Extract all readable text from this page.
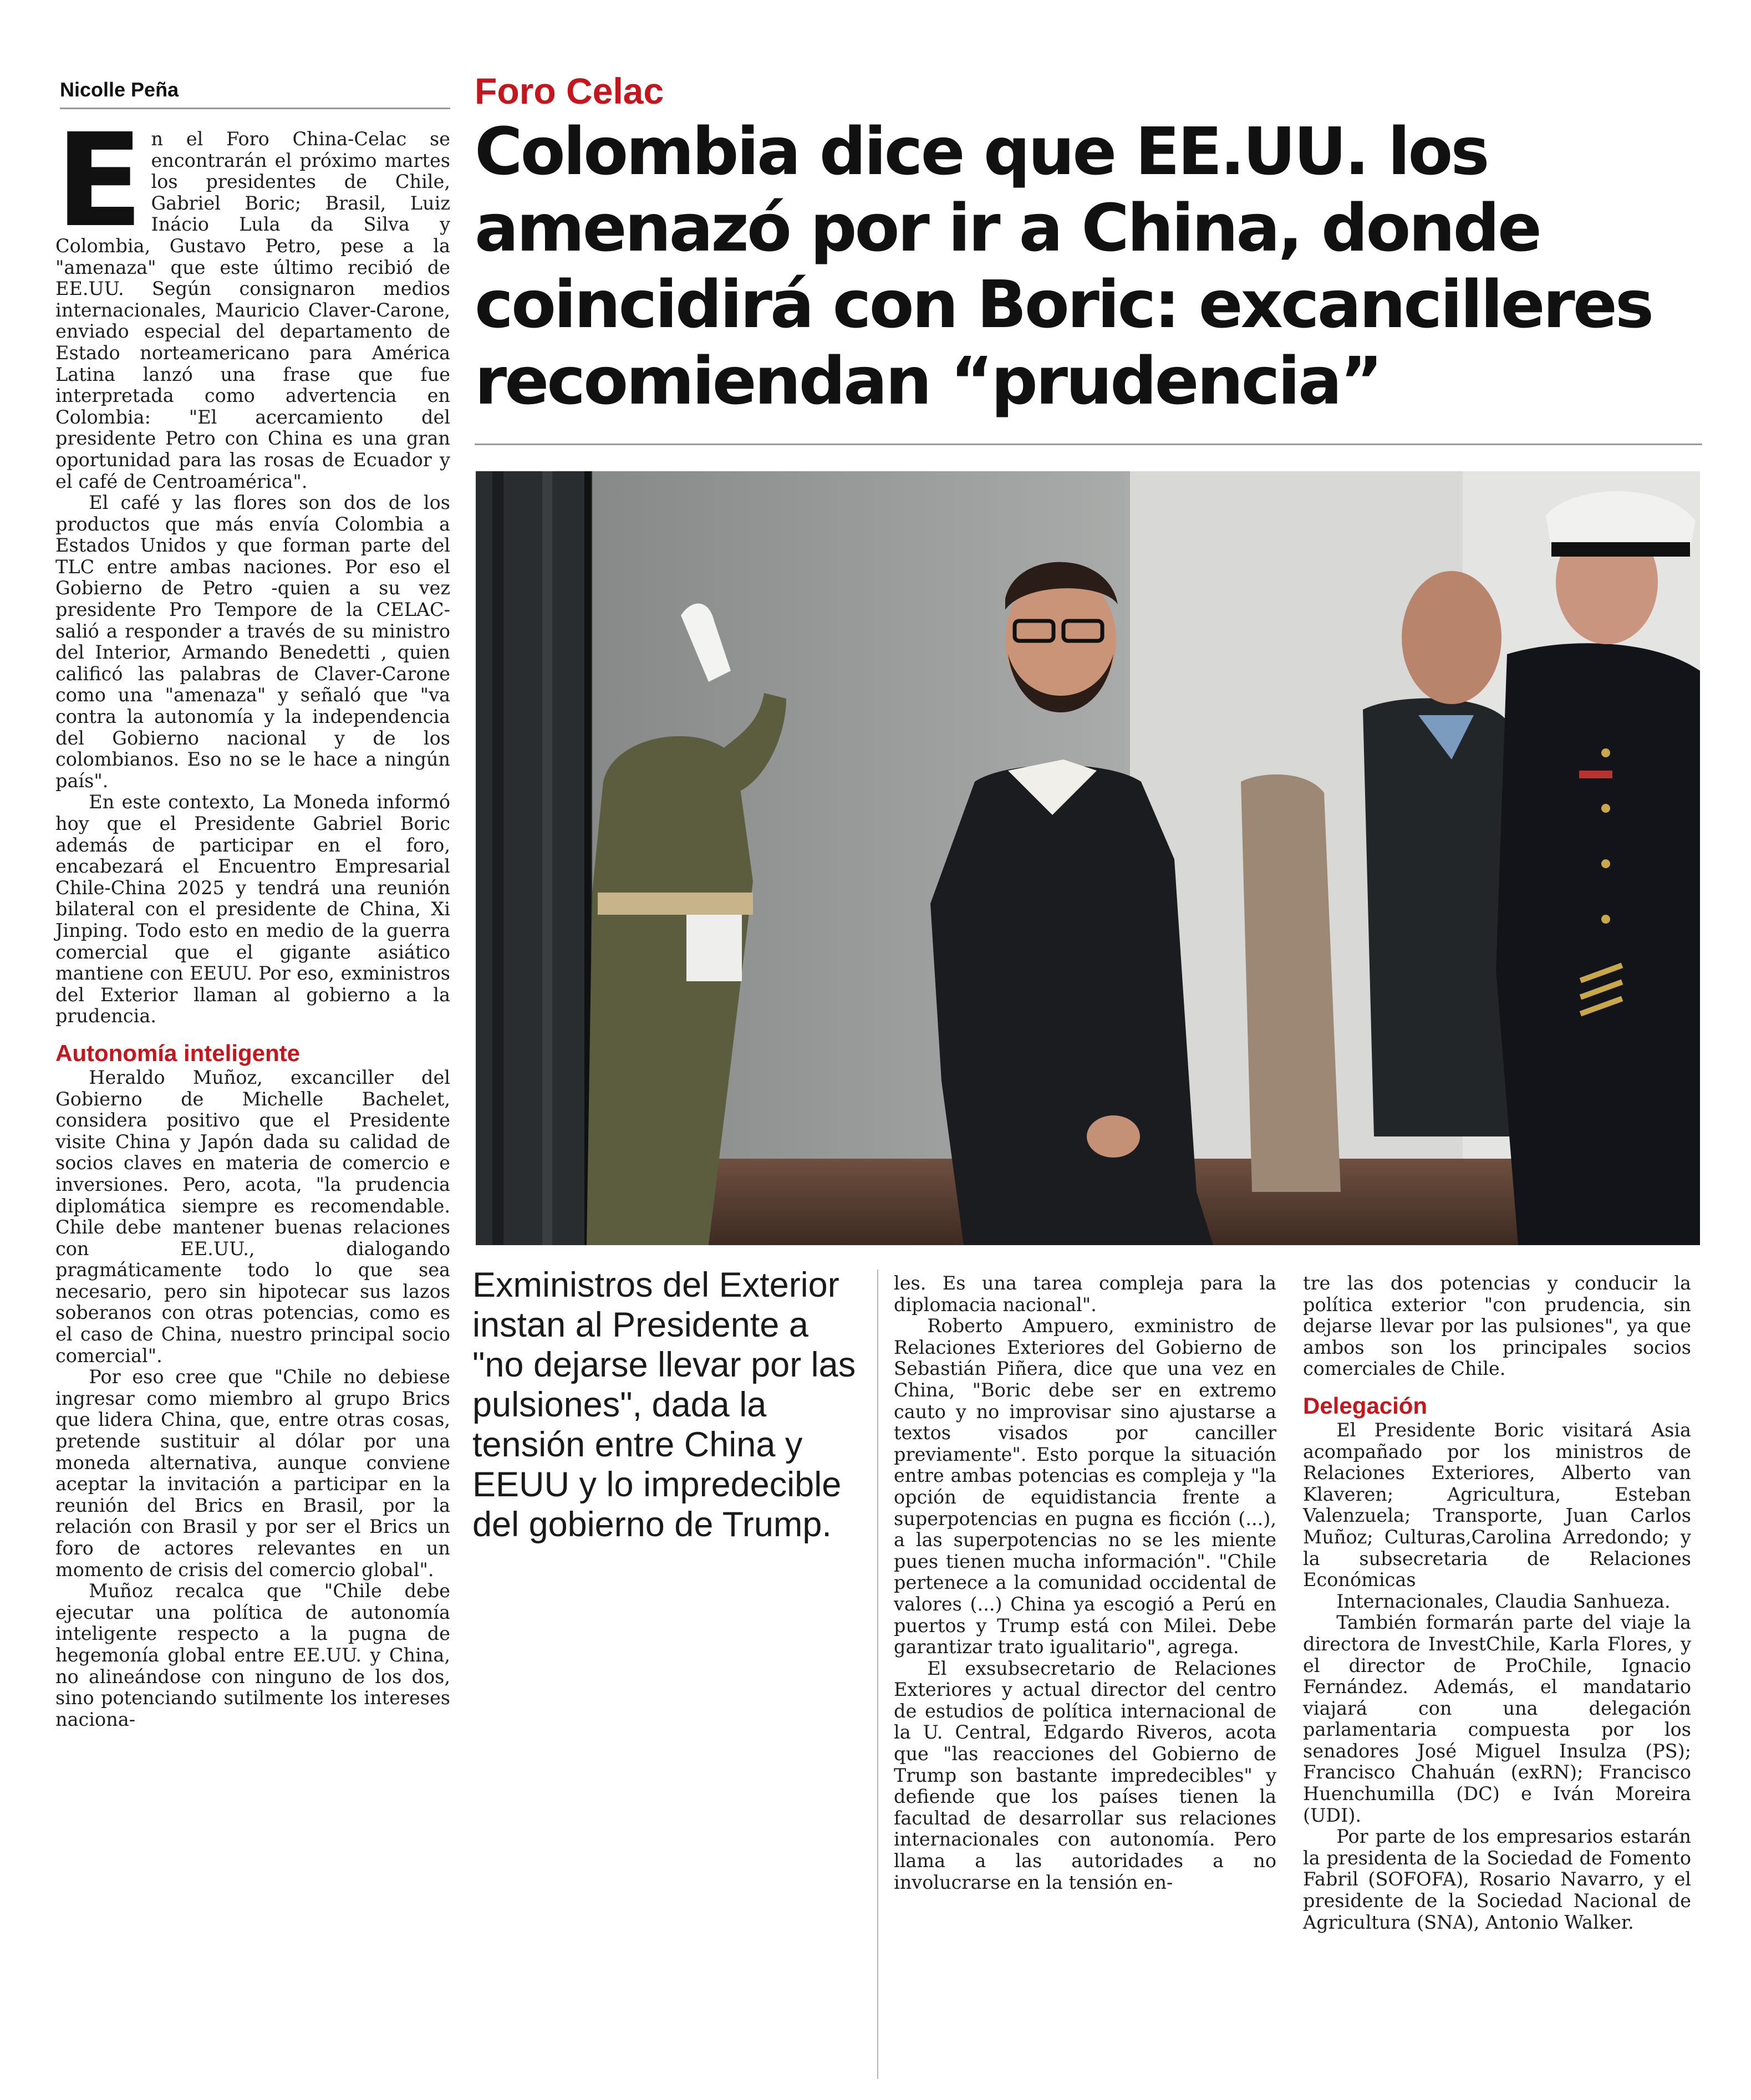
Nicolle Peña
E n el Foro China-Celac se encontrarán el próximo martes los presidentes de Chile, Gabriel Boric; Brasil, Luiz Inácio Lula da Silva y Colombia, Gustavo Petro, pese a la "amenaza" que este último recibió de EE.UU. Según consignaron medios internacionales, Mauricio Claver-Carone, enviado especial del departamento de Estado norteamericano para América Latina lanzó una frase que fue interpretada como advertencia en Colombia: "El acercamiento del presidente Petro con China es una gran oportunidad para las rosas de Ecuador y el café de Centroamérica".

El café y las flores son dos de los productos que más envía Colombia a Estados Unidos y que forman parte del TLC entre ambas naciones. Por eso el Gobierno de Petro -quien a su vez presidente Pro Tempore de la CELAC- salió a responder a través de su ministro del Interior, Armando Benedetti , quien calificó las palabras de Claver-Carone como una "amenaza" y señaló que "va contra la autonomía y la independencia del Gobierno nacional y de los colombianos. Eso no se le hace a ningún país".

En este contexto, La Moneda informó hoy que el Presidente Gabriel Boric además de participar en el foro, encabezará el Encuentro Empresarial Chile-China 2025 y tendrá una reunión bilateral con el presidente de China, Xi Jinping. Todo esto en medio de la guerra comercial que el gigante asiático mantiene con EEUU. Por eso, exministros del Exterior llaman al gobierno a la prudencia.

Autonomía inteligente

Heraldo Muñoz, excanciller del Gobierno de Michelle Bachelet, considera positivo que el Presidente visite China y Japón dada su calidad de socios claves en materia de comercio e inversiones. Pero, acota, "la prudencia diplomática siempre es recomendable. Chile debe mantener buenas relaciones con EE.UU., dialogando pragmáticamente todo lo que sea necesario, pero sin hipotecar sus lazos soberanos con otras potencias, como es el caso de China, nuestro principal socio comercial".

Por eso cree que "Chile no debiese ingresar como miembro al grupo Brics que lidera China, que, entre otras cosas, pretende sustituir al dólar por una moneda alternativa, aunque conviene aceptar la invitación a participar en la reunión del Brics en Brasil, por la relación con Brasil y por ser el Brics un foro de actores relevantes en un momento de crisis del comercio global".

Muñoz recalca que "Chile debe ejecutar una política de autonomía inteligente respecto a la pugna de hegemonía global entre EE.UU. y China, no alineándose con ninguno de los dos, sino potenciando sutilmente los intereses naciona-

Foro Celac
Colombia dice que EE.UU. los amenazó por ir a China, donde coincidirá con Boric: excancilleres recomiendan “prudencia”
Exministros del Exterior instan al Presidente a "no dejarse llevar por las pulsiones", dada la tensión entre China y EEUU y lo impredecible del gobierno de Trump.

les. Es una tarea compleja para la diplomacia nacional".

Roberto Ampuero, exministro de Relaciones Exteriores del Gobierno de Sebastián Piñera, dice que una vez en China, "Boric debe ser en extremo cauto y no improvisar sino ajustarse a textos visados por canciller previamente". Esto porque la situación entre ambas potencias es compleja y "la opción de equidistancia frente a superpotencias en pugna es ficción (...), a las superpotencias no se les miente pues tienen mucha información". "Chile pertenece a la comunidad occidental de valores (...) China ya escogió a Perú en puertos y Trump está con Milei. Debe garantizar trato igualitario", agrega.

El exsubsecretario de Relaciones Exteriores y actual director del centro de estudios de política internacional de la U. Central, Edgardo Riveros, acota que "las reacciones del Gobierno de Trump son bastante impredecibles" y defiende que los países tienen la facultad de desarrollar sus relaciones internacionales con autonomía. Pero llama a las autoridades a no involucrarse en la tensión en-

tre las dos potencias y conducir la política exterior "con prudencia, sin dejarse llevar por las pulsiones", ya que ambos son los principales socios comerciales de Chile.

Delegación

El Presidente Boric visitará Asia acompañado por los ministros de Relaciones Exteriores, Alberto van Klaveren; Agricultura, Esteban Valenzuela; Transporte, Juan Carlos Muñoz; Culturas,Carolina Arredondo; y la subsecretaria de Relaciones Económicas

Internacionales, Claudia Sanhueza.

También formarán parte del viaje la directora de InvestChile, Karla Flores, y el director de ProChile, Ignacio Fernández. Además, el mandatario viajará con una delegación parlamentaria compuesta por los senadores José Miguel Insulza (PS); Francisco Chahuán (exRN); Francisco Huenchumilla (DC) e Iván Moreira (UDI).

Por parte de los empresarios estarán la presidenta de la Sociedad de Fomento Fabril (SOFOFA), Rosario Navarro, y el presidente de la Sociedad Nacional de Agricultura (SNA), Antonio Walker.
